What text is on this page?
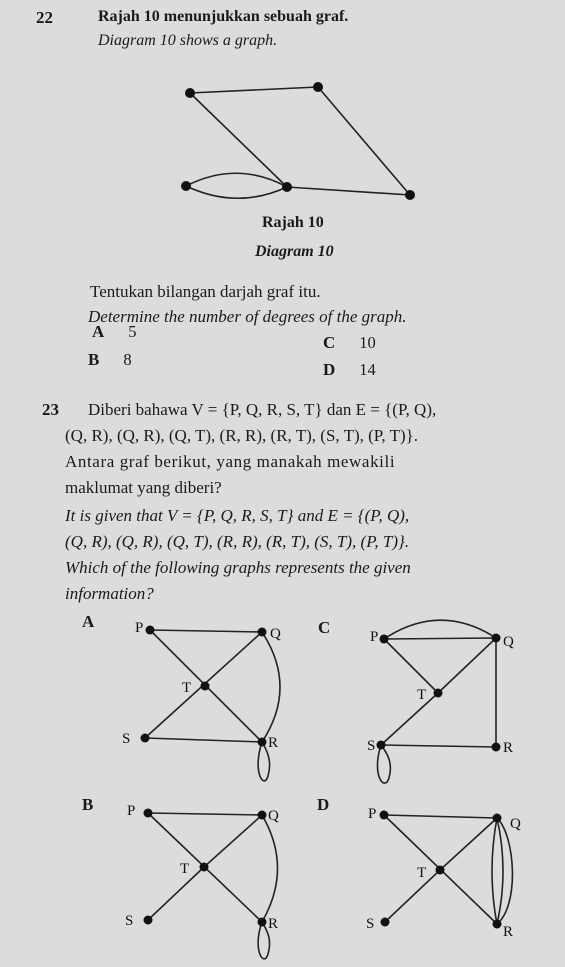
22	Rajah 10 menunjukkan sebuah graf.
Diagram 10 shows a graph.
Rajah 10
Diagram 10
Tentukan bilangan darjah graf itu.
Determine the number of degrees of the graph.
A 5
B 8
C 10
D 14
23 Diberi bahawa V = {P, Q, R, S, T} dan E = {(P, Q),
(Q, R), (Q, R), (Q, T), (R, R), (R, T), (S, T), (P, T)}.
Antara graf berikut, yang manakah mewakili
maklumat yang diberi?
It is given that V = {P, Q, R, S, T} and E = {(P, Q),
(Q, R), (Q, R), (Q, T), (R, R), (R, T), (S, T), (P, T)}.
Which of the following graphs represents the given
information?
A	P	Q
T
S	R
C	P	Q
T
S	R
B P	Q
T
S	R
D	P
Q
T
S	R
